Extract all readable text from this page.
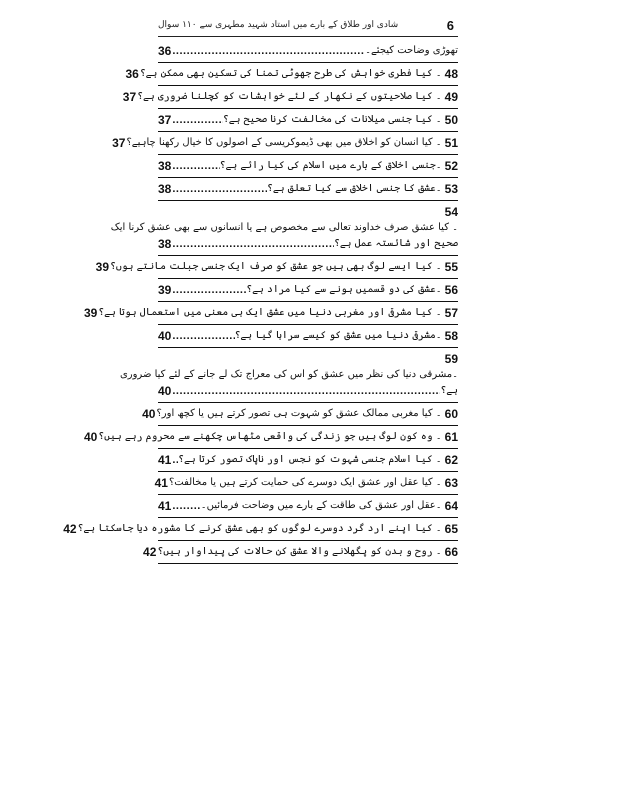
شادی اور طلاق کے بارے میں استاد شہید مطہری سے ۱۱۰ سوال	6
تھوڑی وضاحت کیجئے۔
.....
36
48
۔ کیا فطری خواہش کی طرح جھوٹی تمنا کی تسکین بھی ممکن ہے؟
36
49
۔ کیا صلاحیتوں کے نکھار کے لئے خواہشات کو کچلنا ضروری ہے؟
37
50
۔ کیا جنسی میلانات کی مخالفت کرنا صحیح ہے؟
.....
37
51
۔ کیا انسان کو اخلاق میں بھی ڈیموکریسی کے اصولوں کا خیال رکھنا چاہیے؟
37
52
۔جنسی اخلاق کے بارے میں اسلام کی کیا رائے ہے؟
.....
38
53
۔عشق کا جنسی اخلاق سے کیا تعلق ہے؟
.....
38
54
۔ کیا عشق صرف خداوند تعالی سے مخصوص ہے یا انسانوں سے بھی عشق کرنا ایک
صحیح اور شائستہ عمل ہے؟
.....
38
55
۔ کیا ایسے لوگ بھی ہیں جو عشق کو صرف ایک جنسی جبلت مانتے ہوں؟
39
56
۔عشق کی دو قسمیں ہونے سے کیا مراد ہے؟
.....
39
57
۔ کیا مشرقی اور مغربی دنیا میں عشق ایک ہی معنی میں استعمال ہوتا ہے؟
39
58
۔مشرقی دنیا میں عشق کو کیسے سراہا گیا ہے؟
.....
40
59
۔مشرقی دنیا کی نظر میں عشق کو اس کی معراج تک لے جانے کے لئے کیا ضروری
ہے؟
.....
40
60
۔ کیا مغربی ممالک عشق کو شہوت ہی تصور کرتے ہیں یا کچھ اور؟
40
61
۔ وہ کون لوگ ہیں جو زندگی کی واقعی مٹھاس چکھنے سے محروم رہے ہیں؟
40
62
۔ کیا اسلام جنسی شہوت کو نجس اور ناپاک تصور کرتا ہے؟
.....
41
63
۔ کیا عقل اور عشق ایک دوسرے کی حمایت کرتے ہیں یا مخالفت؟
41
64
۔عقل اور عشق کی طاقت کے بارے میں وضاحت فرمائیں۔
.....
41
65
۔ کیا اپنے ارد گرد دوسرے لوگوں کو بھی عشق کرنے کا مشورہ دیا جاسکتا ہے؟
42
66
۔ روح و بدن کو پگھلانے والا عشق کن حالات کی پیداوار ہیں؟
42
